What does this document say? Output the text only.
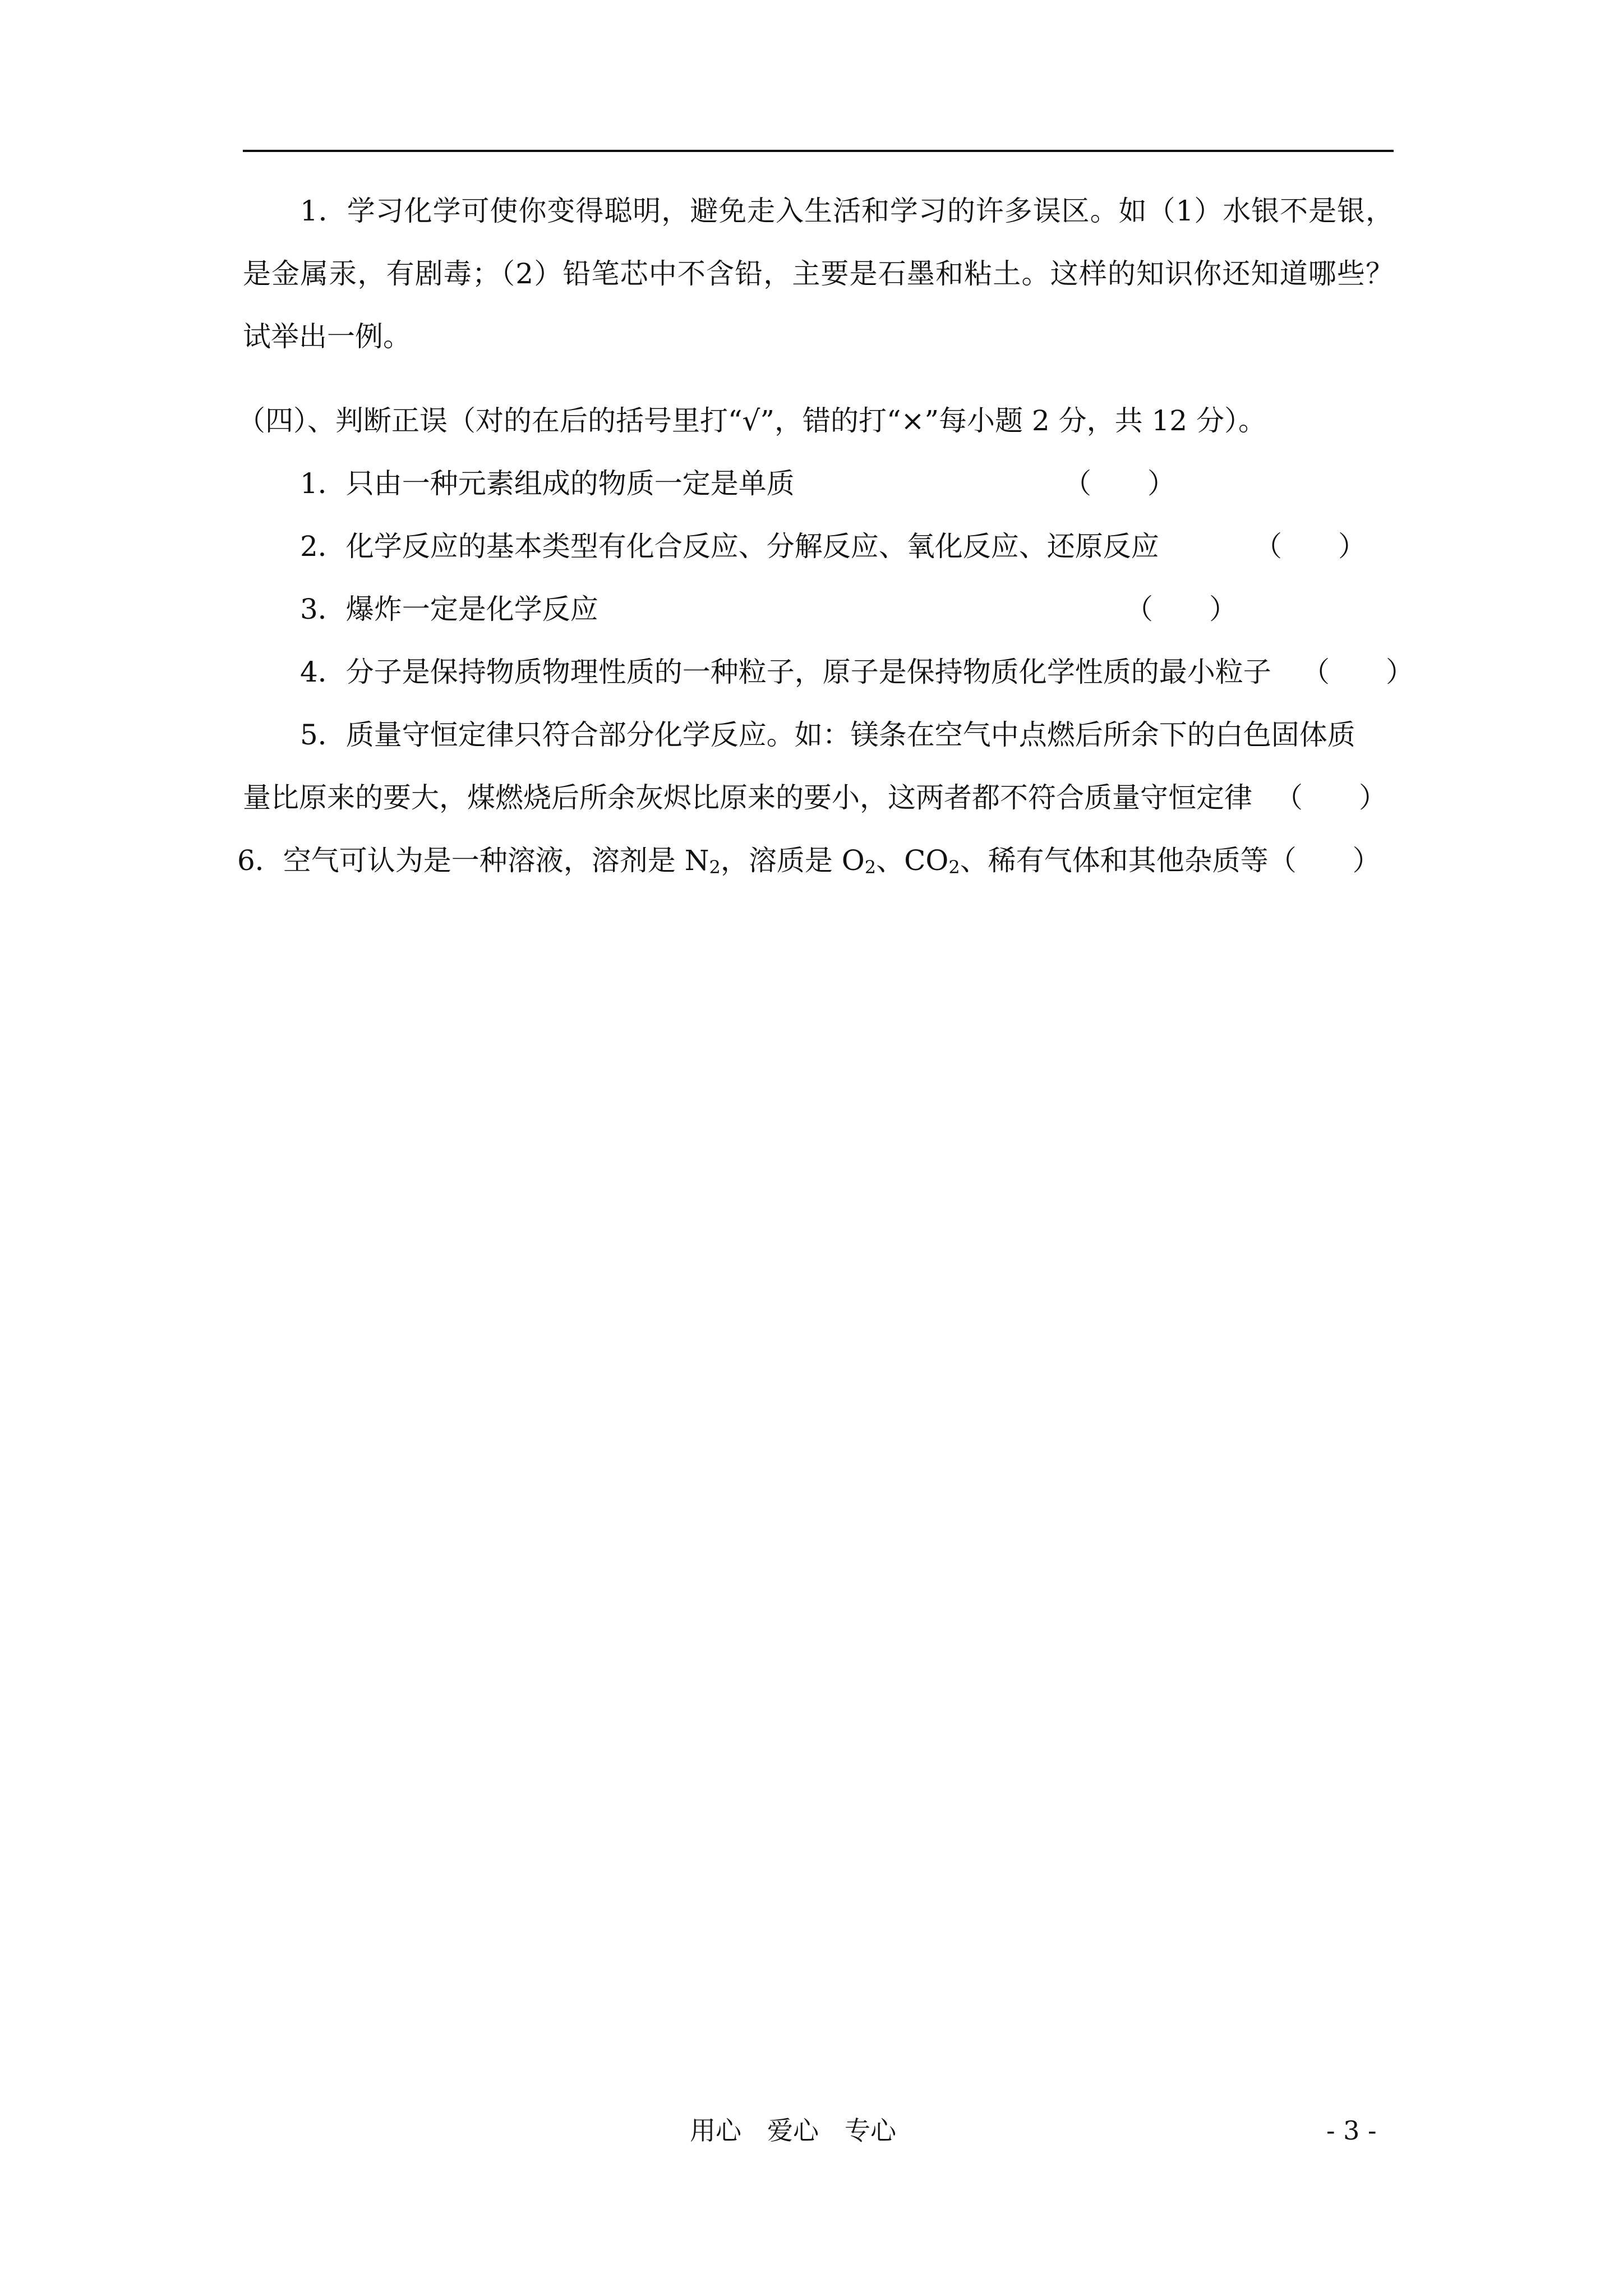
1．学习化学可使你变得聪明，避免走入生活和学习的许多误区。如（1）水银不是银，是金属汞，有剧毒；（2）铅笔芯中不含铅，主要是石墨和粘土。这样的知识你还知道哪些？试举出一例。
（四）、判断正误（对的在后的括号里打“√”，错的打“×”每小题 2 分，共 12 分）。
1．只由一种元素组成的物质一定是单质	（　　）
2．化学反应的基本类型有化合反应、分解反应、氧化反应、还原反应	（　　）
3．爆炸一定是化学反应	（　　）
4．分子是保持物质物理性质的一种粒子，原子是保持物质化学性质的最小粒子 （　　）
5．质量守恒定律只符合部分化学反应。如：镁条在空气中点燃后所余下的白色固体质
量比原来的要大，煤燃烧后所余灰烬比原来的要小，这两者都不符合质量守恒定律 （　　）
6．空气可认为是一种溶液，溶剂是 $N_2$，溶质是 $O_2$、$CO_2$、稀有气体和其他杂质等（　　）
用心　爱心　专心	- 3 -
